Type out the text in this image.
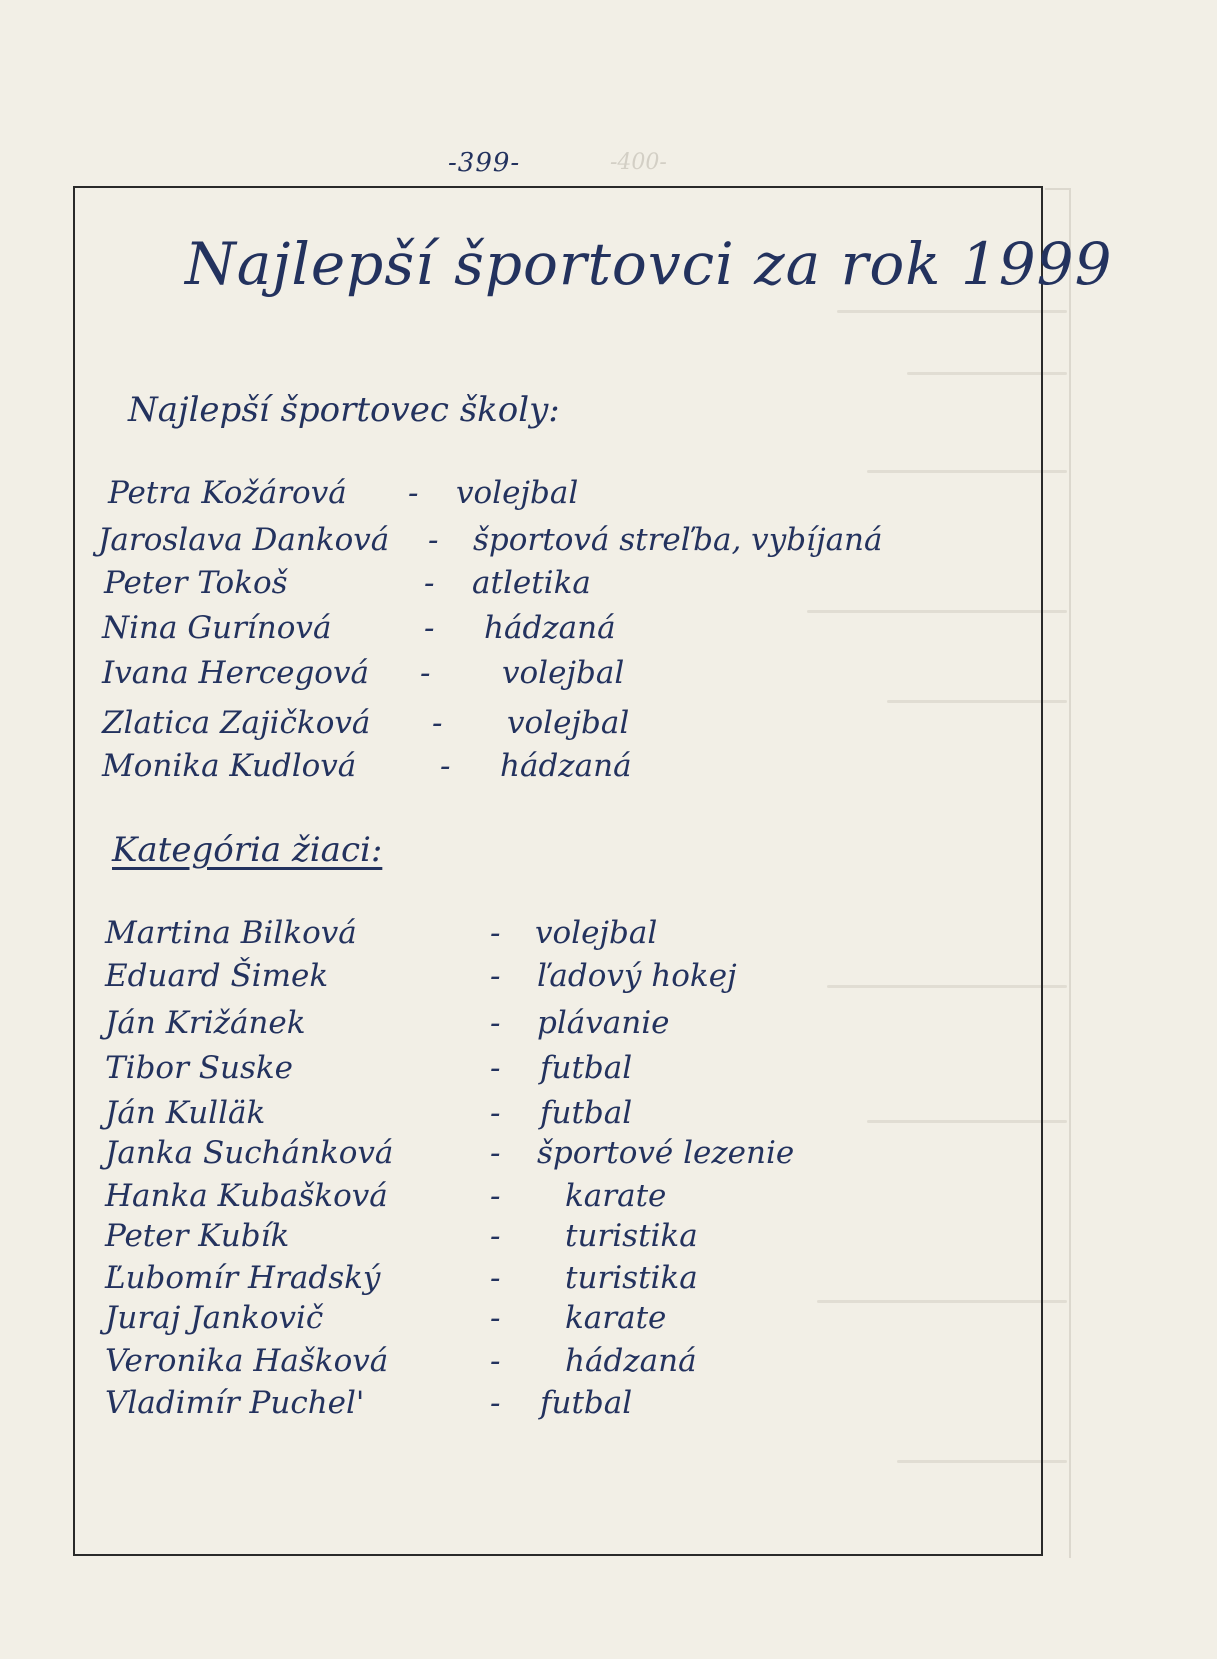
-399-	-400-
Najlepší športovci za rok 1999
Najlepší športovec školy:
Petra Kožárová - volejbal
Jaroslava Danková - športová streľba, vybíjaná
Peter Tokoš	- atletika
Nina Gurínová	- hádzaná
Ivana Hercegová - volejbal
Zlatica Zajičková - volejbal
Monika Kudlová	- hádzaná
Kategória žiaci:
Martina Bilková	- volejbal
Eduard Šimek	- ľadový hokej
Ján Križánek	- plávanie
Tibor Suske	- futbal
Ján Kulläk	- futbal
Janka Suchánková	- športové lezenie
Hanka Kubašková	- karate
Peter Kubík	- turistika
Ľubomír Hradský	- turistika
Juraj Jankovič	- karate
Veronika Hašková	- hádzaná
Vladimír Puchel'	- futbal
